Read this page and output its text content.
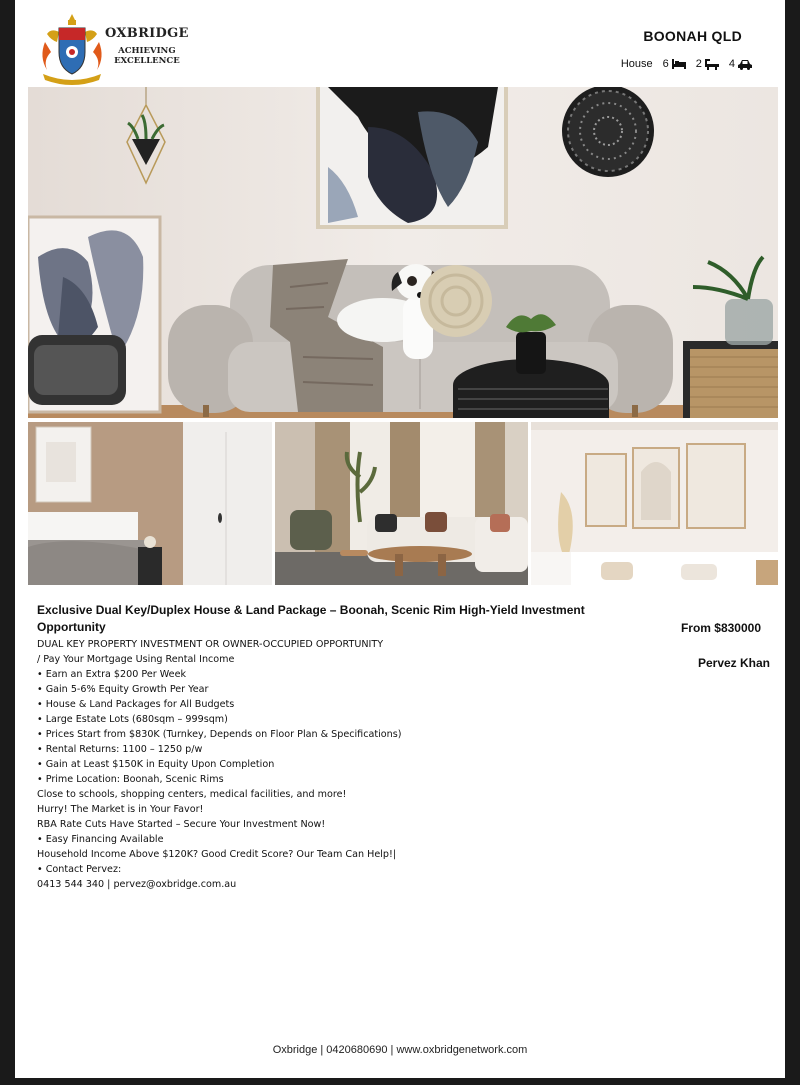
OXBRIDGE
ACHIEVING
EXCELLENCE
BOONAH QLD
House 6 2 4
Exclusive Dual Key/Duplex House & Land Package – Boonah, Scenic Rim High-Yield Investment Opportunity	From $830000
Pervez Khan
DUAL KEY PROPERTY INVESTMENT OR OWNER-OCCUPIED OPPORTUNITY
/ Pay Your Mortgage Using Rental Income
• Earn an Extra $200 Per Week
• Gain 5-6% Equity Growth Per Year
• House & Land Packages for All Budgets
• Large Estate Lots (680sqm – 999sqm)
• Prices Start from $830K (Turnkey, Depends on Floor Plan & Specifications)
• Rental Returns: 1100 – 1250 p/w
• Gain at Least $150K in Equity Upon Completion
• Prime Location: Boonah, Scenic Rims
Close to schools, shopping centers, medical facilities, and more!
Hurry! The Market is in Your Favor!
RBA Rate Cuts Have Started – Secure Your Investment Now!
• Easy Financing Available
Household Income Above $120K? Good Credit Score? Our Team Can Help!|
• Contact Pervez:
0413 544 340 | pervez@oxbridge.com.au
Oxbridge | 0420680690 | www.oxbridgenetwork.com
